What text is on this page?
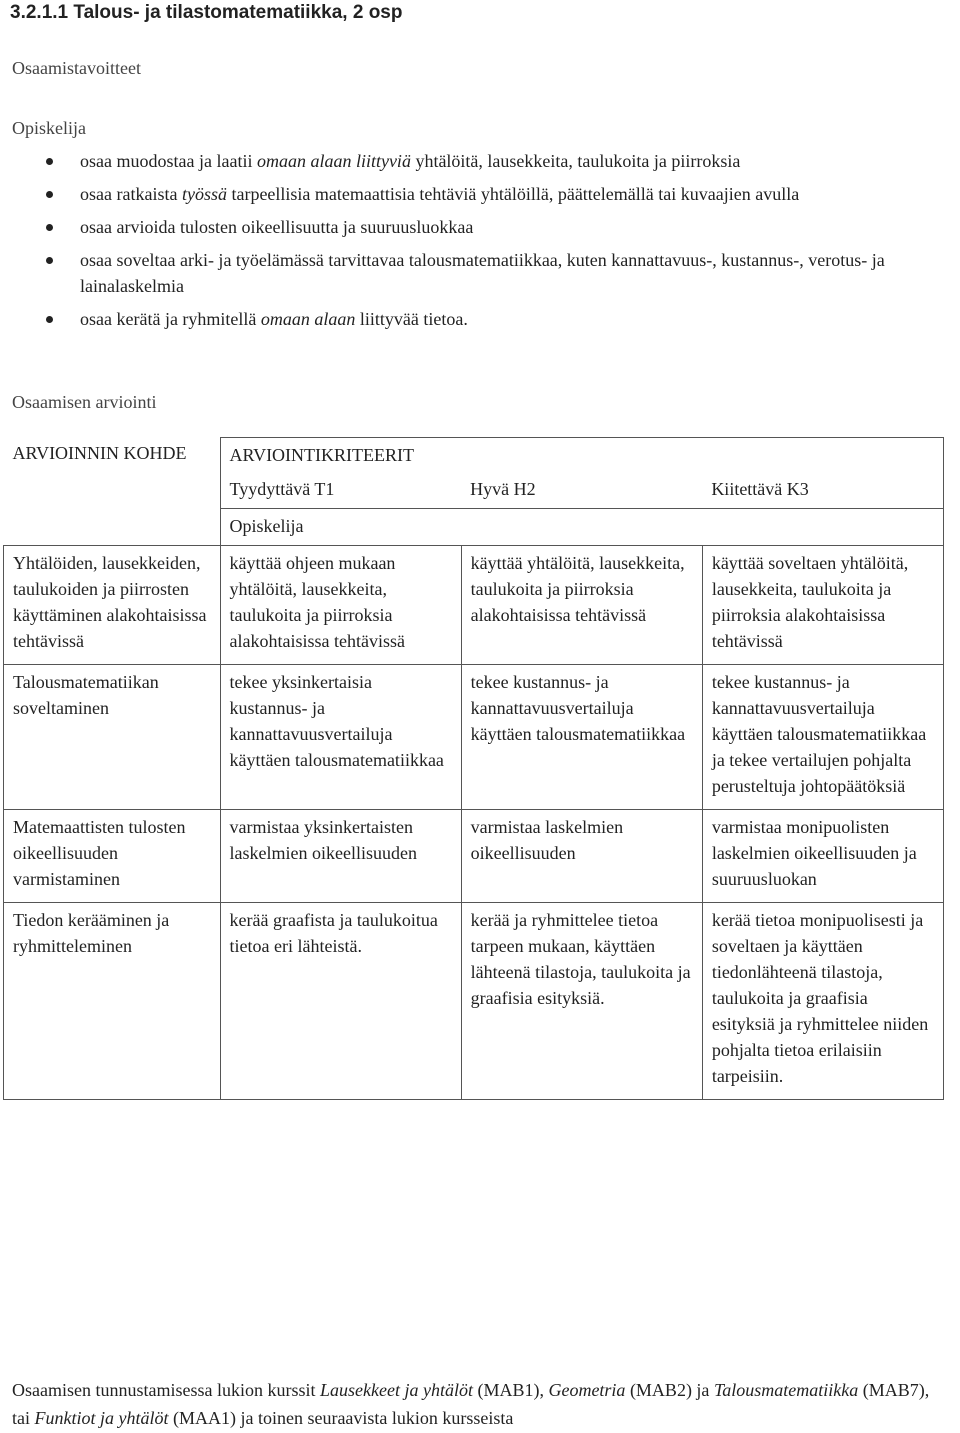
3.2.1.1 Talous- ja tilastomatematiikka, 2 osp
Osaamistavoitteet
Opiskelija
osaa muodostaa ja laatii omaan alaan liittyviä yhtälöitä, lausekkeita, taulukoita ja piirroksia
osaa ratkaista työssä tarpeellisia matemaattisia tehtäviä yhtälöillä, päättelemällä tai kuvaajien avulla
osaa arvioida tulosten oikeellisuutta ja suuruusluokkaa
osaa soveltaa arki- ja työelämässä tarvittavaa talousmatematiikkaa, kuten kannattavuus-, kustannus-, verotus- ja lainalaskelmia
osaa kerätä ja ryhmitellä omaan alaan liittyvää tietoa.
Osaamisen arviointi
ARVIOINNIN KOHDE	ARVIOINTIKRITEERIT		
	Tyydyttävä T1	Hyvä H2	Kiitettävä K3
	Opiskelija		
Yhtälöiden, lausekkeiden, taulukoiden ja piirrosten käyttäminen alakohtaisissa tehtävissä	käyttää ohjeen mukaan yhtälöitä, lausekkeita, taulukoita ja piirroksia alakohtaisissa tehtävissä	käyttää yhtälöitä, lausekkeita, taulukoita ja piirroksia alakohtaisissa tehtävissä	käyttää soveltaen yhtälöitä, lausekkeita, taulukoita ja piirroksia alakohtaisissa tehtävissä
Talousmatematiikan soveltaminen	tekee yksinkertaisia kustannus- ja kannattavuusvertailuja käyttäen talousmatematiikkaa	tekee kustannus- ja kannattavuusvertailuja käyttäen talousmatematiikkaa	tekee kustannus- ja kannattavuusvertailuja käyttäen talousmatematiikkaa ja tekee vertailujen pohjalta perusteltuja johtopäätöksiä
Matemaattisten tulosten oikeellisuuden varmistaminen	varmistaa yksinkertaisten laskelmien oikeellisuuden	varmistaa laskelmien oikeellisuuden	varmistaa monipuolisten laskelmien oikeellisuuden ja suuruusluokan
Tiedon kerääminen ja ryhmitteleminen	kerää graafista ja taulukoitua tietoa eri lähteistä.	kerää ja ryhmittelee tietoa tarpeen mukaan, käyttäen lähteenä tilastoja, taulukoita ja graafisia esityksiä.	kerää tietoa monipuolisesti ja soveltaen ja käyttäen tiedonlähteenä tilastoja, taulukoita ja graafisia esityksiä ja ryhmittelee niiden pohjalta tietoa erilaisiin tarpeisiin.
Osaamisen tunnustamisessa lukion kurssit Lausekkeet ja yhtälöt (MAB1), Geometria (MAB2) ja Talousmatematiikka (MAB7), tai Funktiot ja yhtälöt (MAA1) ja toinen seuraavista lukion kursseista
